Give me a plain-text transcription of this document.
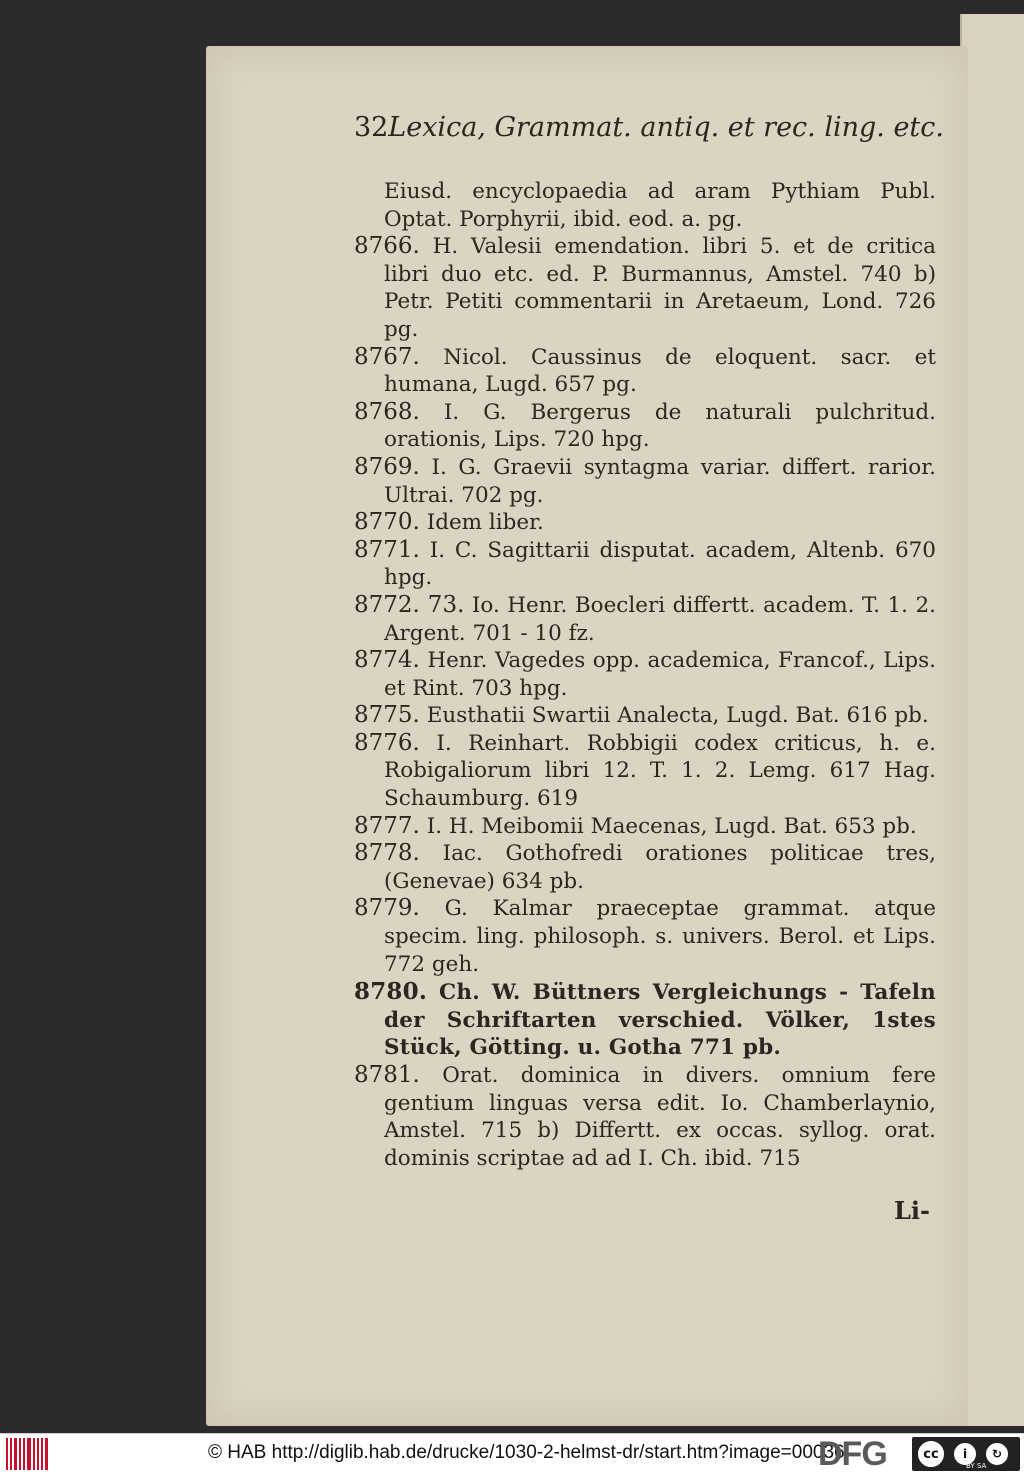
32 Lexica, Grammat. antiq. et rec. ling. etc.
Eiusd. encyclopaedia ad aram Pythiam Publ. Optat. Porphyrii, ibid. eod. a. pg.
8766. H. Valesii emendation. libri 5. et de critica libri duo etc. ed. P. Burmannus, Amstel. 740 b) Petr. Petiti commentarii in Aretaeum, Lond. 726 pg.
8767. Nicol. Caussinus de eloquent. sacr. et humana, Lugd. 657 pg.
8768. I. G. Bergerus de naturali pulchritud. orationis, Lips. 720 hpg.
8769. I. G. Graevii syntagma variar. differt. rarior. Ultrai. 702 pg.
8770. Idem liber.
8771. I. C. Sagittarii disputat. academ, Altenb. 670 hpg.
8772. 73. Io. Henr. Boecleri differtt. academ. T. 1. 2. Argent. 701 - 10 fz.
8774. Henr. Vagedes opp. academica, Francof., Lips. et Rint. 703 hpg.
8775. Eusthatii Swartii Analecta, Lugd. Bat. 616 pb.
8776. I. Reinhart. Robbigii codex criticus, h. e. Robigaliorum libri 12. T. 1. 2. Lemg. 617 Hag. Schaumburg. 619
8777. I. H. Meibomii Maecenas, Lugd. Bat. 653 pb.
8778. Iac. Gothofredi orationes politicae tres, (Genevae) 634 pb.
8779. G. Kalmar praeceptae grammat. atque specim. ling. philosoph. s. univers. Berol. et Lips. 772 geh.
8780. Ch. W. Büttners Vergleichungs - Tafeln der Schriftarten verschied. Völker, 1stes Stück, Götting. u. Gotha 771 pb.
8781. Orat. dominica in divers. omnium fere gentium linguas versa edit. Io. Chamberlaynio, Amstel. 715 b) Differtt. ex occas. syllog. orat. dominis scriptae ad ad I. Ch. ibid. 715
Li-
© HAB http://diglib.hab.de/drucke/1030-2-helmst-dr/start.htm?image=00036
DFG	cc	i	↻
BY SA
